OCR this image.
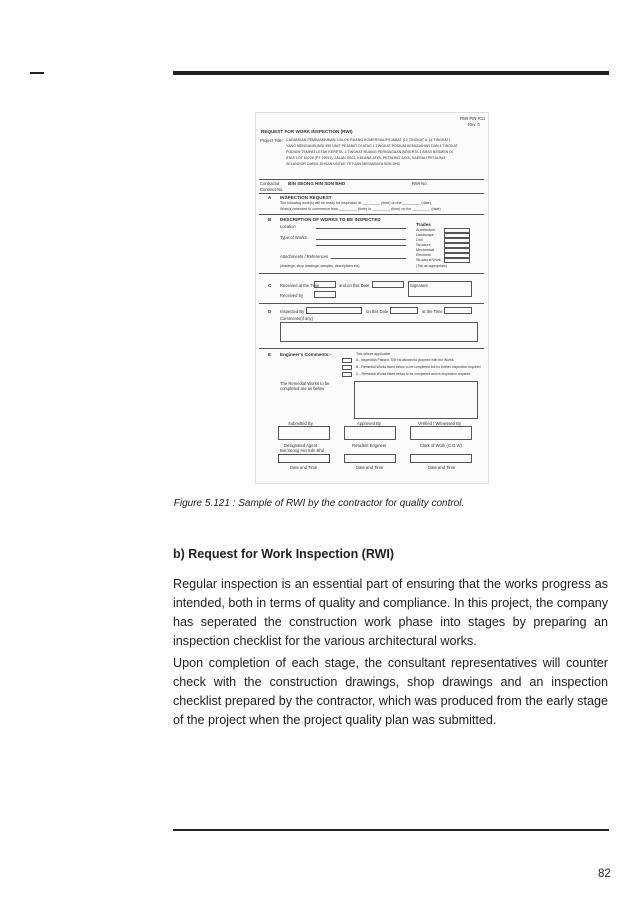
RWI-PIN-R11
Rev. 0
REQUEST FOR WORK INSPECTION (RWI)
Project Title: CADANGAN PEMBANGUNAN 3 BLOK RUANG KOMERSIAL/PEJABAT (12 TINGKAT & 14 TINGKAT)
YANG MENGANDUNGI 450 UNIT PEJABAT DI ATAS 1 TINGKAT PODIUM KEMUDAHAN DAN 4 TINGKAT
PODIUM TEMPAT LETAK KERETA, 2 TINGKAT RUANG PERNIAGAAN BESERTA 1 ARAS BESMEN DI
ATAS LOT 60226 (PT 29911), JALAN SS03, KELANA JAYA, PETALING JAYA, DAERAH PETALING,
SELANGOR DARUL EHSAN UNTUK TETUAN MEDIAMAYA SDN BHD
Contractor BIN SEONG HIN SDN BHD	RWI No.
Contract No.
A INSPECTION REQUEST
The following work(s) will be ready for inspection at _________ (time) on the _________ (date)
Work(s) intended to commence from _________ (time) to _________ (time) on the _________ (date)
B DESCRIPTION OF WORKS TO BE INSPECTED
Location
Type of Works
Attachments / References
(drawings, shop drawings, samples, descriptions etc)
Trades
Architecture
Landscape
Civil
Structure
Mechanical
Electrical
Structural Work
(Tick as appropriate)
C Received at the Time	and on this Date	Signature
Received by
D Inspected By	on this Date	at the Time
Comments(if any)
E Engineer's Comments:-	Tick where applicable
A - Inspection Passed. SSH is allowed to proceed with the Works
B - Remedial Works listed below to be completed but no further inspection required
C - Remedial Works listed below to be completed and re-inspection required
The Remedial Works to be
completed are as below
Submitted By	Approved By	Verified / Witnessed By
Designated Agent
Bin Seong Hin Sdn Bhd
Resident Engineer	Clerk of Work (C.O.W)
Date and Time	Date and Time	Date and Time
Figure 5.121 : Sample of RWI by the contractor for quality control.
b) Request for Work Inspection (RWI)
Regular inspection is an essential part of ensuring that the works progress as intended, both in terms of quality and compliance. In this project, the company has seperated the construction work phase into stages by preparing an inspection checklist for the various architectural works.
Upon completion of each stage, the consultant representatives will counter check with the construction drawings, shop drawings and an inspection checklist prepared by the contractor, which was produced from the early stage of the project when the project quality plan was submitted.
82
